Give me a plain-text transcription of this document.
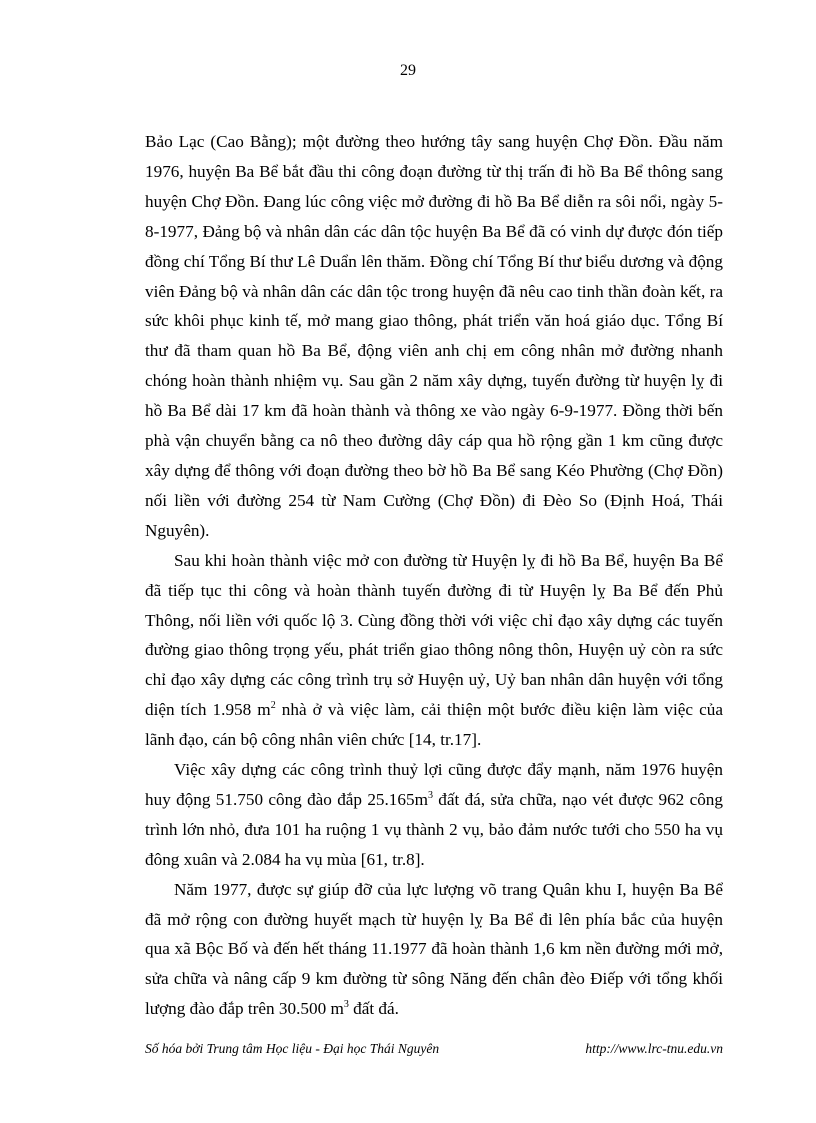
29

Bảo Lạc (Cao Bằng); một đường theo hướng tây sang huyện Chợ Đồn. Đầu năm 1976, huyện Ba Bể bắt đầu thi công đoạn đường từ thị trấn đi hồ Ba Bể thông sang huyện Chợ Đồn. Đang lúc công việc mở đường đi hồ Ba Bể diễn ra sôi nổi, ngày 5-8-1977, Đảng bộ và nhân dân các dân tộc huyện Ba Bể đã có vinh dự được đón tiếp đồng chí Tổng Bí thư Lê Duẩn lên thăm. Đồng chí Tổng Bí thư biểu dương và động viên Đảng bộ và nhân dân các dân tộc trong huyện đã nêu cao tinh thần đoàn kết, ra sức khôi phục kinh tế, mở mang giao thông, phát triển văn hoá giáo dục. Tổng Bí thư đã tham quan hồ Ba Bể, động viên anh chị em công nhân mở đường nhanh chóng hoàn thành nhiệm vụ. Sau gần 2 năm xây dựng, tuyến đường từ huyện lỵ đi hồ Ba Bể dài 17 km đã hoàn thành và thông xe vào ngày 6-9-1977. Đồng thời bến phà vận chuyển bằng ca nô theo đường dây cáp qua hồ rộng gần 1 km cũng được xây dựng để thông với đoạn đường theo bờ hồ Ba Bể sang Kéo Phường (Chợ Đồn) nối liền với đường 254 từ Nam Cường (Chợ Đồn) đi Đèo So (Định Hoá, Thái Nguyên).

Sau khi hoàn thành việc mở con đường từ Huyện lỵ đi hồ Ba Bể, huyện Ba Bể đã tiếp tục thi công và hoàn thành tuyến đường đi từ Huyện lỵ Ba Bể đến Phủ Thông, nối liền với quốc lộ 3. Cùng đồng thời với việc chỉ đạo xây dựng các tuyến đường giao thông trọng yếu, phát triển giao thông nông thôn, Huyện uỷ còn ra sức chỉ đạo xây dựng các công trình trụ sở Huyện uỷ, Uỷ ban nhân dân huyện với tổng diện tích 1.958 $m^2$ nhà ở và việc làm, cải thiện một bước điều kiện làm việc của lãnh đạo, cán bộ công nhân viên chức [14, tr.17].

Việc xây dựng các công trình thuỷ lợi cũng được đẩy mạnh, năm 1976 huyện huy động 51.750 công đào đắp $25.165m^3$ đất đá, sửa chữa, nạo vét được 962 công trình lớn nhỏ, đưa 101 ha ruộng 1 vụ thành 2 vụ, bảo đảm nước tưới cho 550 ha vụ đông xuân và 2.084 ha vụ mùa [61, tr.8].

Năm 1977, được sự giúp đỡ của lực lượng võ trang Quân khu I, huyện Ba Bể đã mở rộng con đường huyết mạch từ huyện lỵ Ba Bể đi lên phía bắc của huyện qua xã Bộc Bố và đến hết tháng 11.1977 đã hoàn thành 1,6 km nền đường mới mở, sửa chữa và nâng cấp 9 km đường từ sông Năng đến chân đèo Điếp với tổng khối lượng đào đắp trên 30.500 $m^3$ đất đá.

Số hóa bởi Trung tâm Học liệu - Đại học Thái Nguyên	http://www.lrc-tnu.edu.vn
